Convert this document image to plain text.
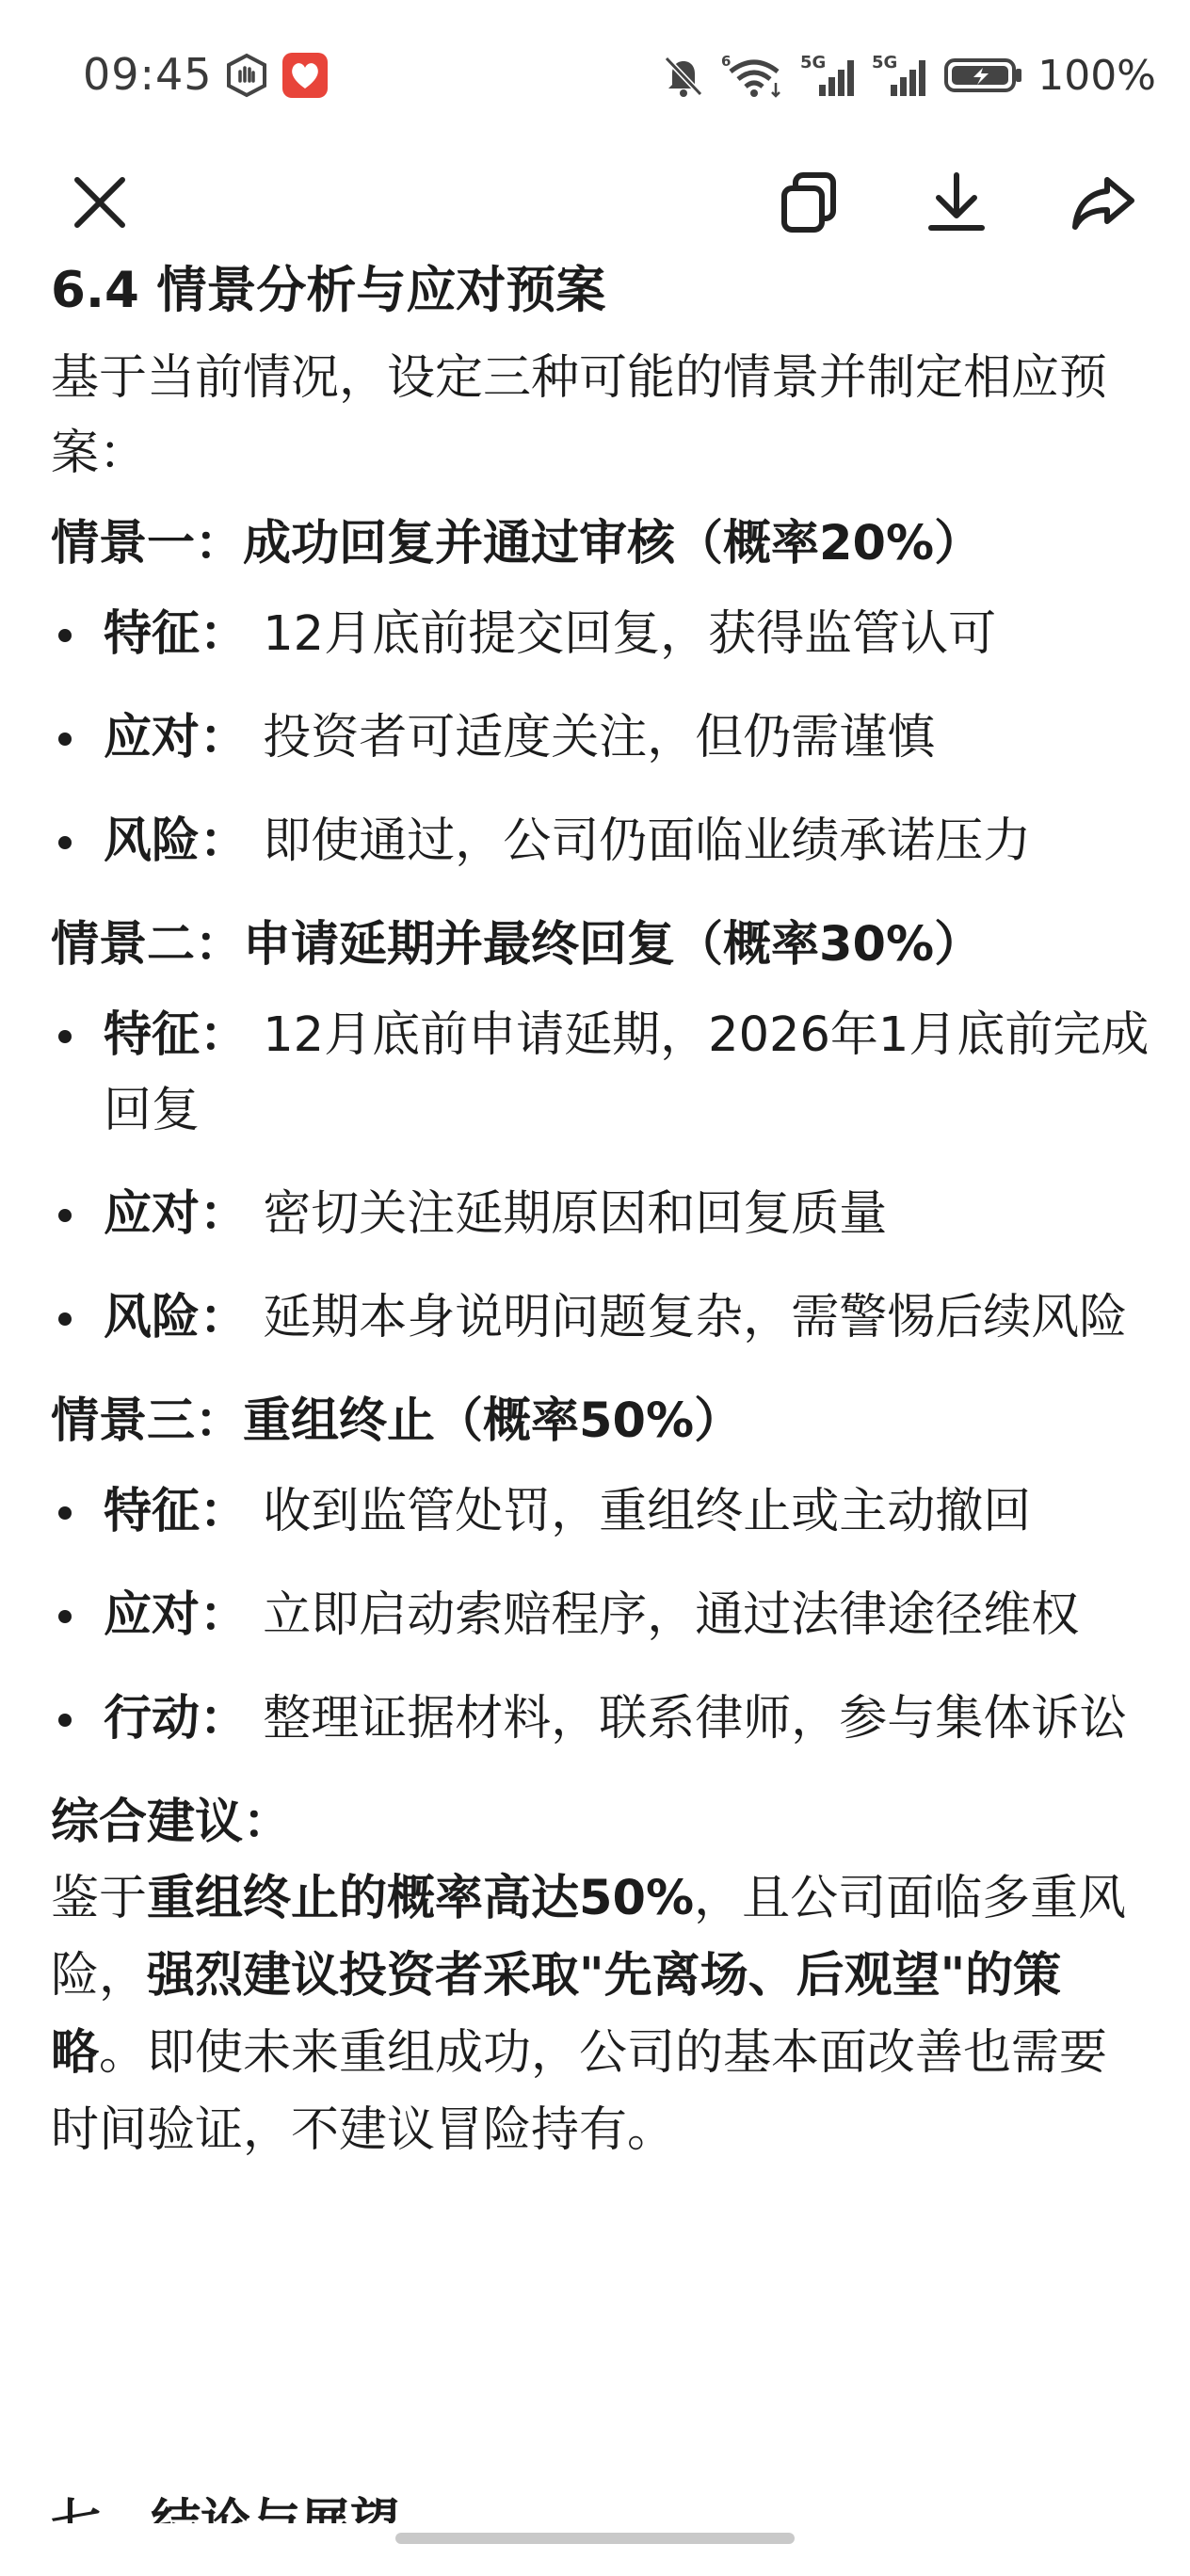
09:45	6	5G	5G	100%
6.4 情景分析与应对预案

基于当前情况，设定三种可能的情景并制定相应预案：

情景一：成功回复并通过审核（概率20%）
特征： 12月底前提交回复，获得监管认可
应对： 投资者可适度关注，但仍需谨慎
风险： 即使通过，公司仍面临业绩承诺压力
情景二：申请延期并最终回复（概率30%）
特征： 12月底前申请延期，2026年1月底前完成回复
应对： 密切关注延期原因和回复质量
风险： 延期本身说明问题复杂，需警惕后续风险
情景三：重组终止（概率50%）
特征： 收到监管处罚，重组终止或主动撤回
应对： 立即启动索赔程序，通过法律途径维权
行动： 整理证据材料，联系律师，参与集体诉讼
综合建议：

鉴于重组终止的概率高达50%，且公司面临多重风险，强烈建议投资者采取"先离场、后观望"的策略。即使未来重组成功，公司的基本面改善也需要时间验证，不建议冒险持有。
